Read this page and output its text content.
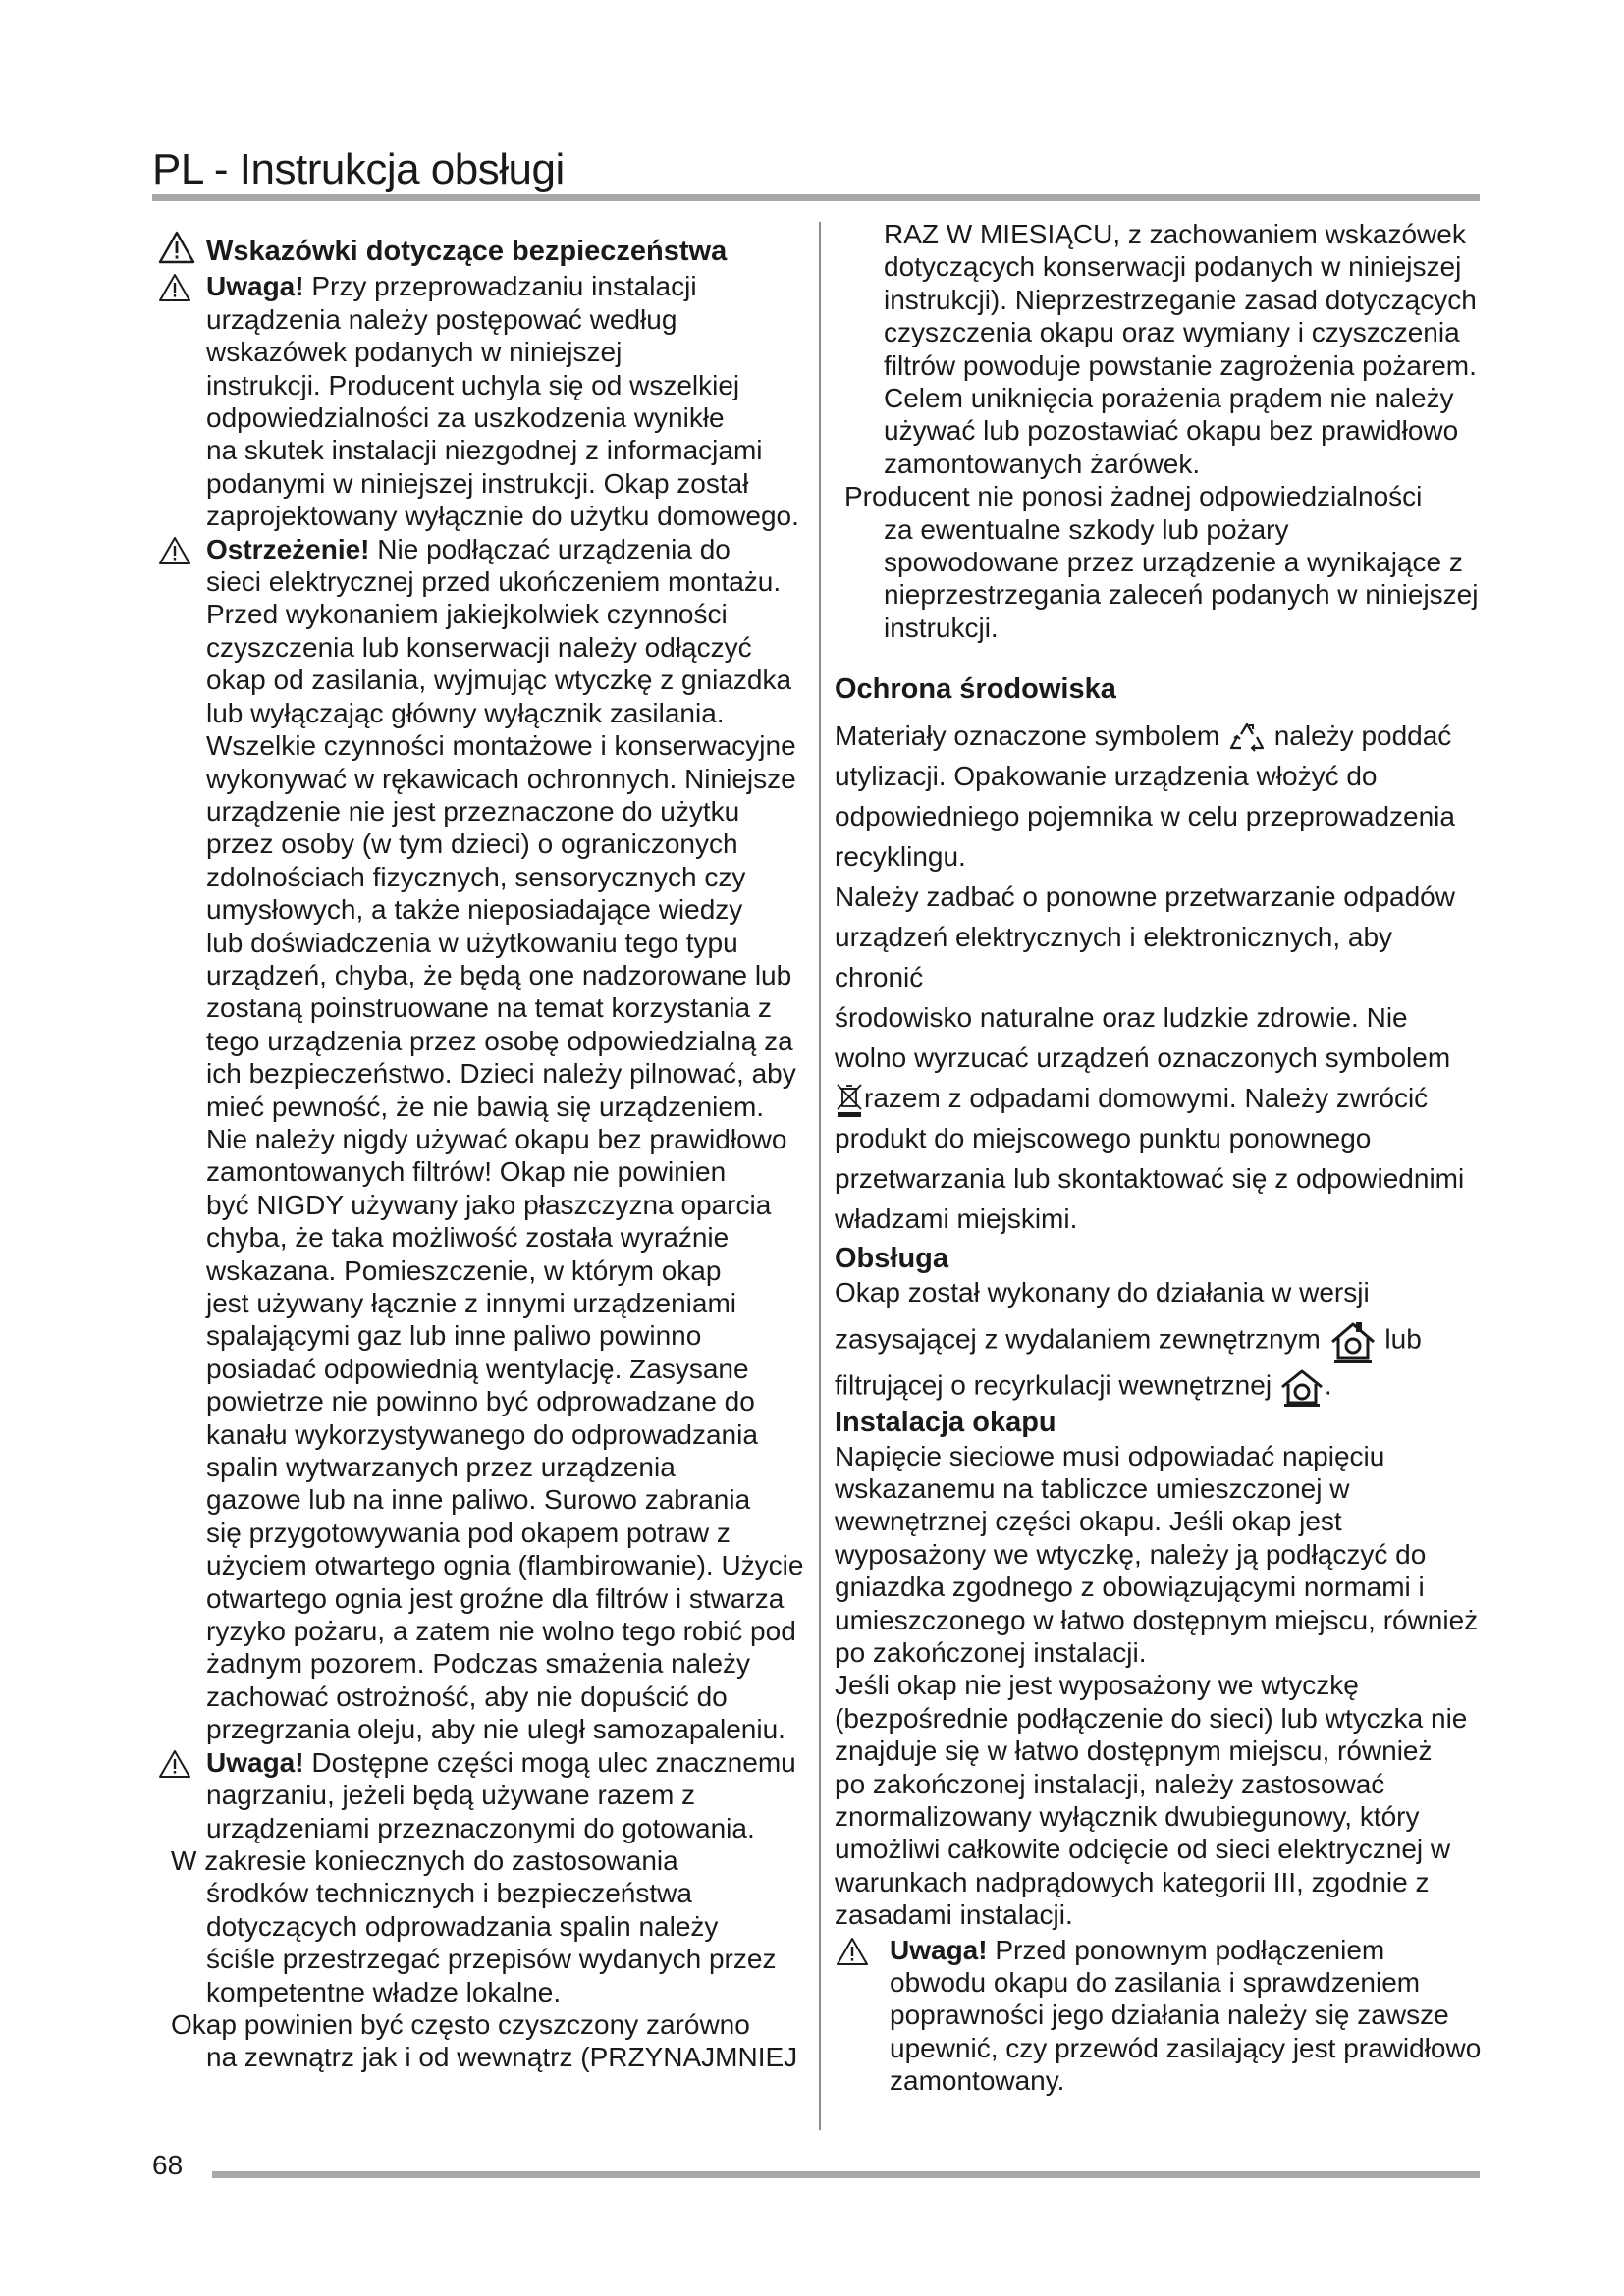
PL - Instrukcja obsługi
Wskazówki dotyczące bezpieczeństwa

Uwaga! Przy przeprowadzaniu instalacji

urządzenia należy postępować według

wskazówek podanych w niniejszej

instrukcji. Producent uchyla się od wszelkiej

odpowiedzialności za uszkodzenia wynikłe

na skutek instalacji niezgodnej z informacjami

podanymi w niniejszej instrukcji. Okap został

zaprojektowany wyłącznie do użytku domowego.

Ostrzeżenie! Nie podłączać urządzenia do

sieci elektrycznej przed ukończeniem montażu.

Przed wykonaniem jakiejkolwiek czynności

czyszczenia lub konserwacji należy odłączyć

okap od zasilania, wyjmując wtyczkę z gniazdka

lub wyłączając główny wyłącznik zasilania.

Wszelkie czynności montażowe i konserwacyjne

wykonywać w rękawicach ochronnych. Niniejsze

urządzenie nie jest przeznaczone do użytku

przez osoby (w tym dzieci) o ograniczonych

zdolnościach fizycznych, sensorycznych czy

umysłowych, a także nieposiadające wiedzy

lub doświadczenia w użytkowaniu tego typu

urządzeń, chyba, że będą one nadzorowane lub

zostaną poinstruowane na temat korzystania z

tego urządzenia przez osobę odpowiedzialną za

ich bezpieczeństwo. Dzieci należy pilnować, aby

mieć pewność, że nie bawią się urządzeniem.

Nie należy nigdy używać okapu bez prawidłowo

zamontowanych filtrów! Okap nie powinien

być NIGDY używany jako płaszczyzna oparcia

chyba, że taka możliwość została wyraźnie

wskazana. Pomieszczenie, w którym okap

jest używany łącznie z innymi urządzeniami

spalającymi gaz lub inne paliwo powinno

posiadać odpowiednią wentylację. Zasysane

powietrze nie powinno być odprowadzane do

kanału wykorzystywanego do odprowadzania

spalin wytwarzanych przez urządzenia

gazowe lub na inne paliwo. Surowo zabrania

się przygotowywania pod okapem potraw z

użyciem otwartego ognia (flambirowanie). Użycie

otwartego ognia jest groźne dla filtrów i stwarza

ryzyko pożaru, a zatem nie wolno tego robić pod

żadnym pozorem. Podczas smażenia należy

zachować ostrożność, aby nie dopuścić do

przegrzania oleju, aby nie uległ samozapaleniu.

Uwaga! Dostępne części mogą ulec znacznemu

nagrzaniu, jeżeli będą używane razem z

urządzeniami przeznaczonymi do gotowania.

W zakresie koniecznych do zastosowania

środków technicznych i bezpieczeństwa

dotyczących odprowadzania spalin należy

ściśle przestrzegać przepisów wydanych przez

kompetentne władze lokalne.

Okap powinien być często czyszczony zarówno

na zewnątrz jak i od wewnątrz (PRZYNAJMNIEJ

RAZ W MIESIĄCU, z zachowaniem wskazówek

dotyczących konserwacji podanych w niniejszej

instrukcji). Nieprzestrzeganie zasad dotyczących

czyszczenia okapu oraz wymiany i czyszczenia

filtrów powoduje powstanie zagrożenia pożarem.

Celem uniknięcia porażenia prądem nie należy

używać lub pozostawiać okapu bez prawidłowo

zamontowanych żarówek.

Producent nie ponosi żadnej odpowiedzialności

za ewentualne szkody lub pożary

spowodowane przez urządzenie a wynikające z

nieprzestrzegania zaleceń podanych w niniejszej

instrukcji.

Ochrona środowiska

Materiały oznaczone symbolem
należy poddać

utylizacji. Opakowanie urządzenia włożyć do

odpowiedniego pojemnika w celu przeprowadzenia

recyklingu.

Należy zadbać o ponowne przetwarzanie odpadów

urządzeń elektrycznych i elektronicznych, aby chronić

środowisko naturalne oraz ludzkie zdrowie. Nie

wolno wyrzucać urządzeń oznaczonych symbolem

razem z odpadami domowymi. Należy zwrócić

produkt do miejscowego punktu ponownego

przetwarzania lub skontaktować się z odpowiednimi

władzami miejskimi.

Obsługa

Okap został wykonany do działania w wersji

zasysającej z wydalaniem zewnętrznym
lub

filtrującej o recyrkulacji wewnętrznej
.

Instalacja okapu

Napięcie sieciowe musi odpowiadać napięciu

wskazanemu na tabliczce umieszczonej w

wewnętrznej części okapu. Jeśli okap jest

wyposażony we wtyczkę, należy ją podłączyć do

gniazdka zgodnego z obowiązującymi normami i

umieszczonego w łatwo dostępnym miejscu, również

po zakończonej instalacji.

Jeśli okap nie jest wyposażony we wtyczkę

(bezpośrednie podłączenie do sieci) lub wtyczka nie

znajduje się w łatwo dostępnym miejscu, również

po zakończonej instalacji, należy zastosować

znormalizowany wyłącznik dwubiegunowy, który

umożliwi całkowite odcięcie od sieci elektrycznej w

warunkach nadprądowych kategorii III, zgodnie z

zasadami instalacji.

Uwaga! Przed ponownym podłączeniem

obwodu okapu do zasilania i sprawdzeniem

poprawności jego działania należy się zawsze

upewnić, czy przewód zasilający jest prawidłowo

zamontowany.

68
